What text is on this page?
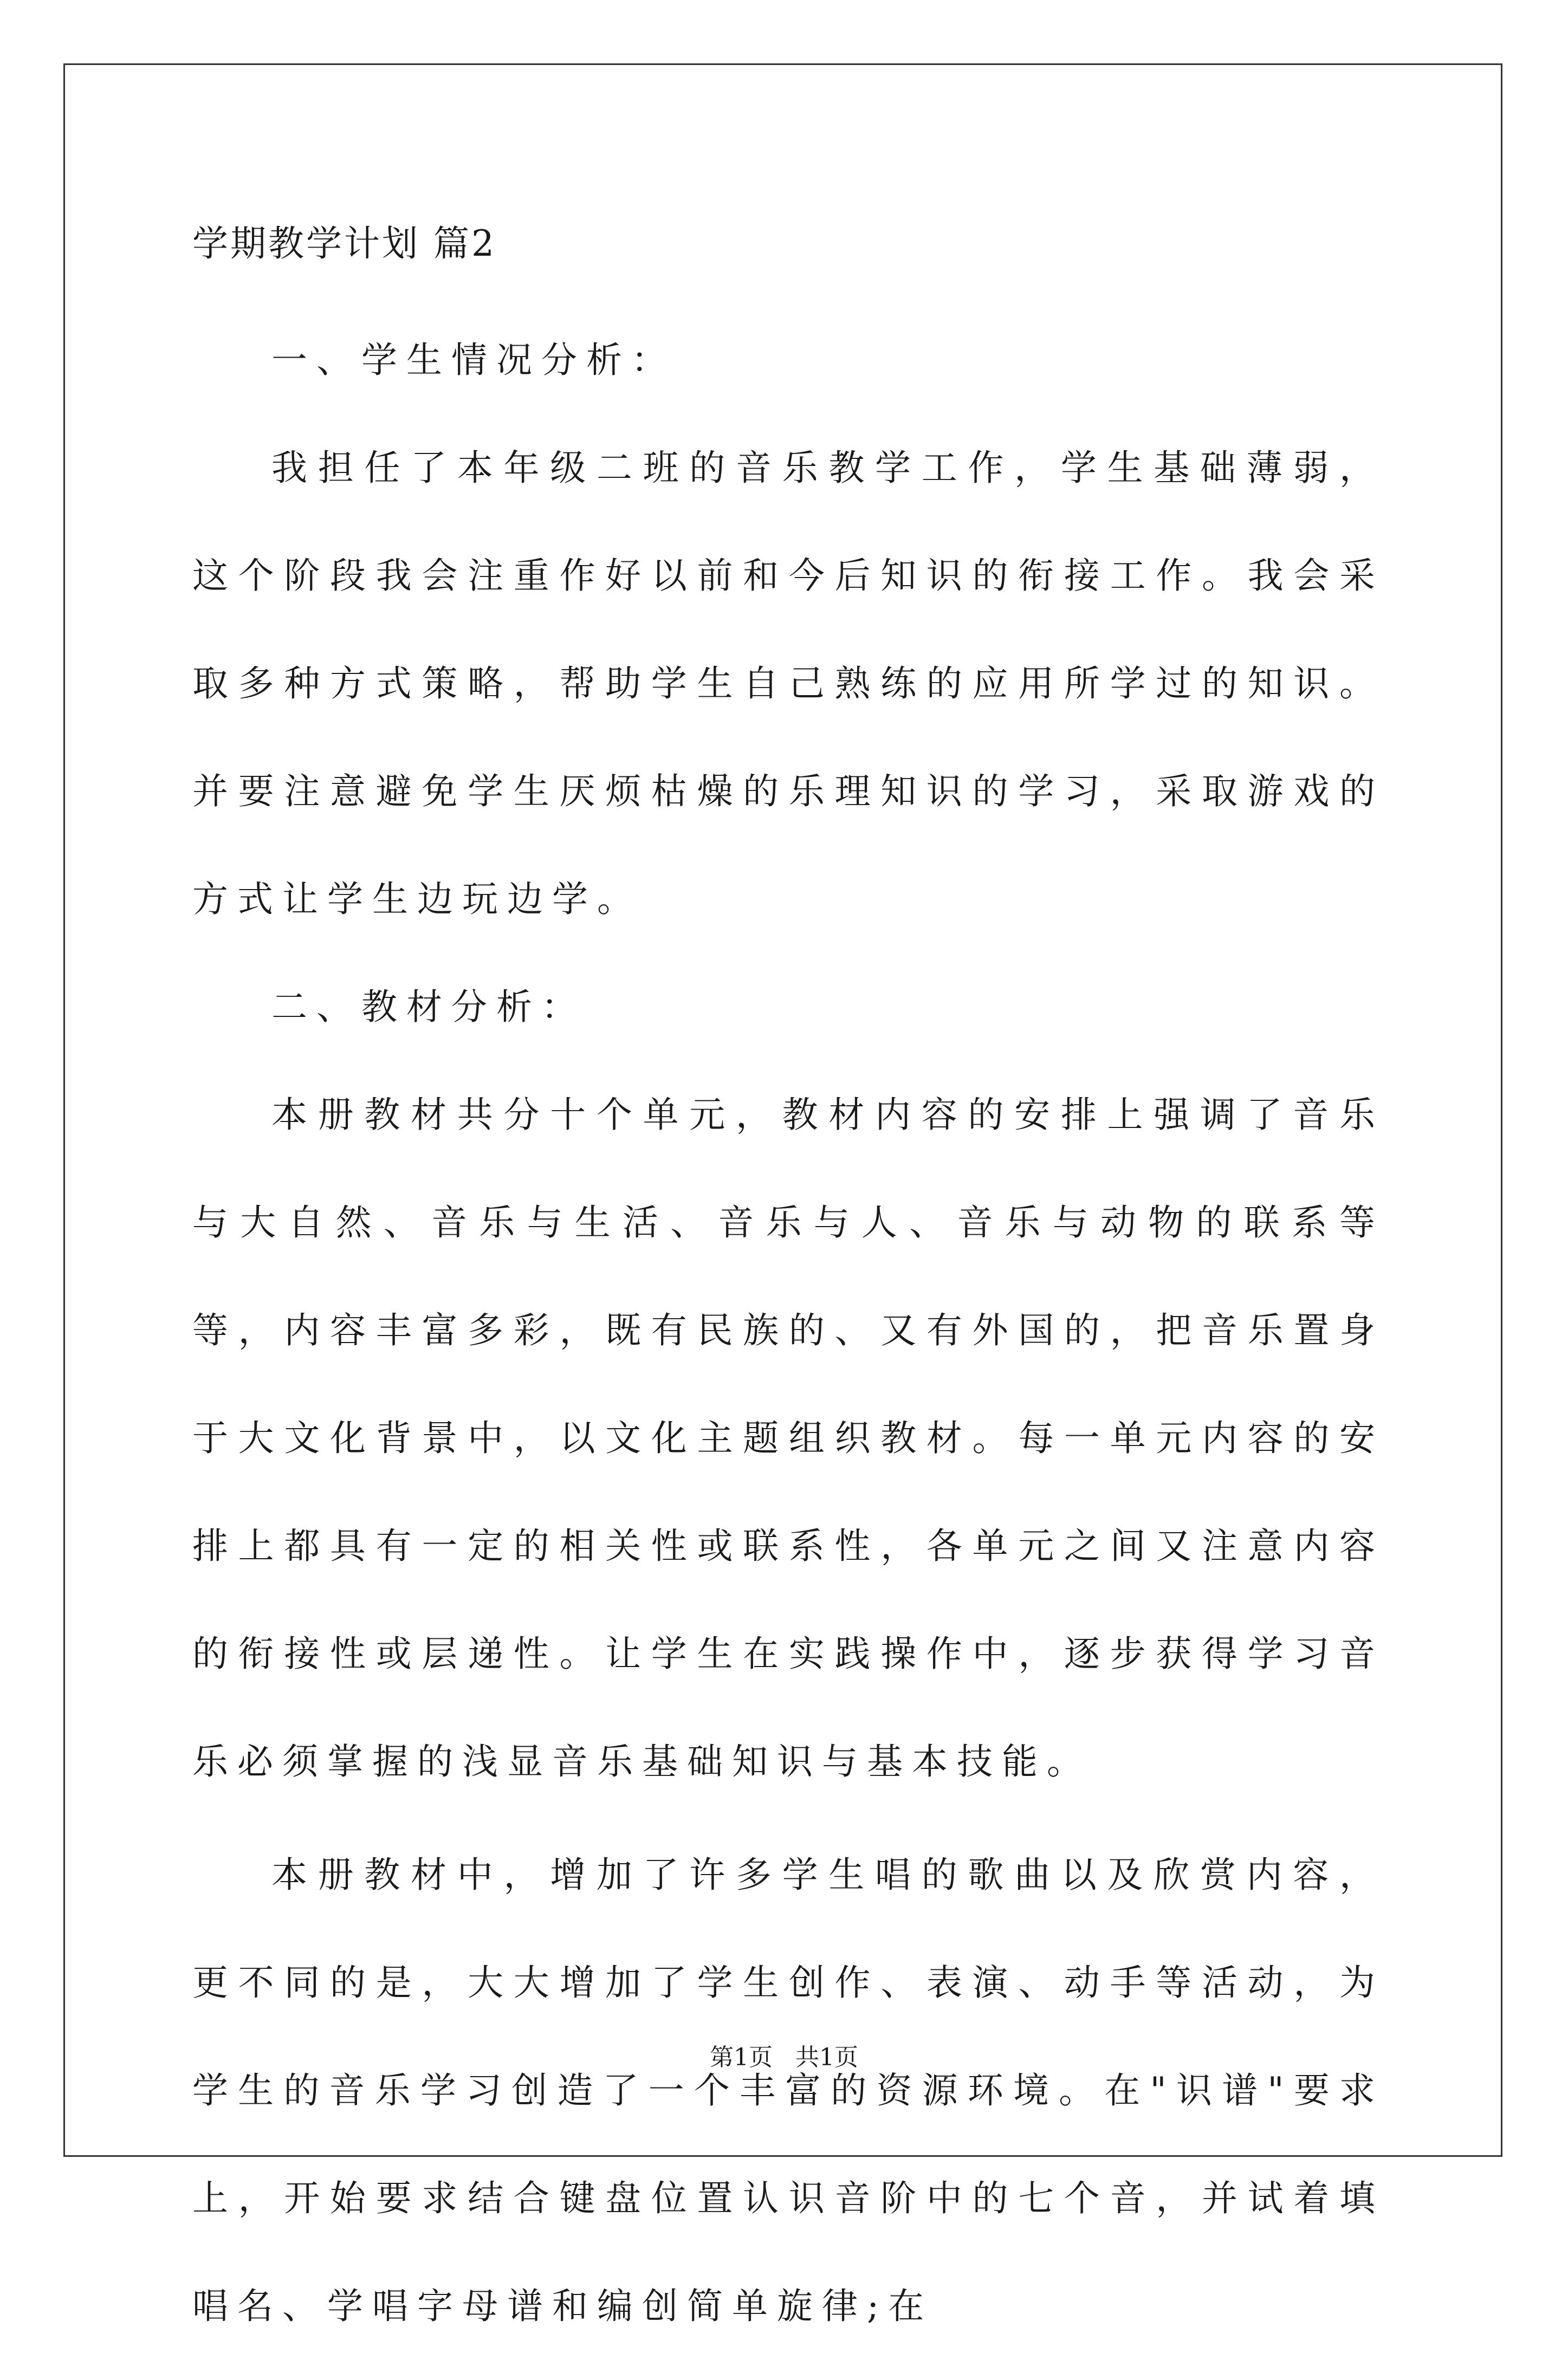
学期教学计划 篇2

一、学生情况分析：

我担任了本年级二班的音乐教学工作，学生基础薄弱，这个阶段我会注重作好以前和今后知识的衔接工作。我会采取多种方式策略，帮助学生自己熟练的应用所学过的知识。并要注意避免学生厌烦枯燥的乐理知识的学习，采取游戏的方式让学生边玩边学。

二、教材分析：

本册教材共分十个单元，教材内容的安排上强调了音乐与大自然、音乐与生活、音乐与人、音乐与动物的联系等等，内容丰富多彩，既有民族的、又有外国的，把音乐置身于大文化背景中，以文化主题组织教材。每一单元内容的安排上都具有一定的相关性或联系性，各单元之间又注意内容的衔接性或层递性。让学生在实践操作中，逐步获得学习音乐必须掌握的浅显音乐基础知识与基本技能。

本册教材中，增加了许多学生唱的歌曲以及欣赏内容，更不同的是，大大增加了学生创作、表演、动手等活动，为学生的音乐学习创造了一个丰富的资源环境。在"识谱"要求上，开始要求结合键盘位置认识音阶中的七个音，并试着填唱名、学唱字母谱和编创简单旋律;在

第1页   共1页
